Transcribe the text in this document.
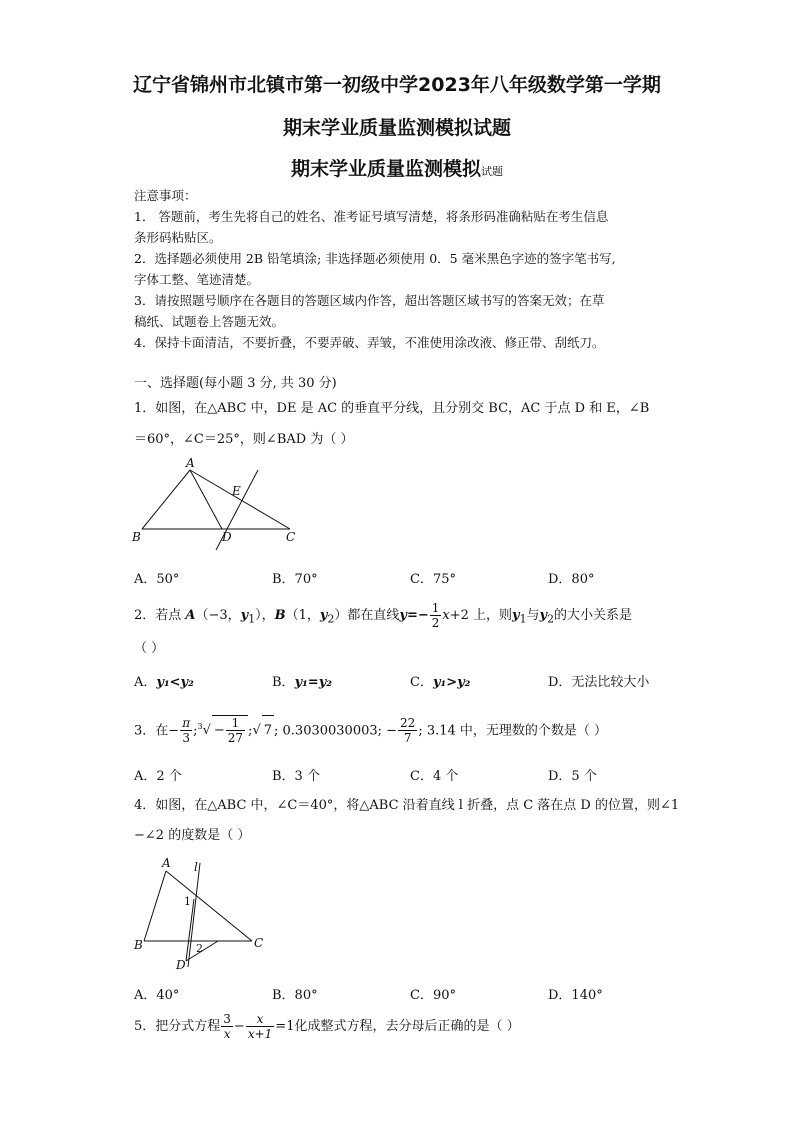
辽宁省锦州市北镇市第一初级中学2023年八年级数学第一学期
期末学业质量监测模拟试题
期末学业质量监测模拟试题
注意事项：
1． 答题前，考生先将自己的姓名、准考证号填写清楚，将条形码准确粘贴在考生信息
条形码粘贴区。
2．选择题必须使用 2B 铅笔填涂; 非选择题必须使用 0．5 毫米黑色字迹的签字笔书写,
字体工整、笔迹清楚。
3．请按照题号顺序在各题目的答题区域内作答，超出答题区域书写的答案无效；在草
稿纸、试题卷上答题无效。
4．保持卡面清洁，不要折叠，不要弄破、弄皱，不准使用涂改液、修正带、刮纸刀。
一、选择题(每小题 3 分, 共 30 分)
1．如图，在△ABC 中，DE 是 AC 的垂直平分线，且分别交 BC，AC 于点 D 和 E，∠B
＝60°，∠C＝25°，则∠BAD 为（ ）
A
B	C
D
E
A．50°	B．70°	C．75°	D．80°
2．若点 A（−3，$y_1$），B（1，$y_2$）都在直线$y=- \frac{1}{2} x+2$ 上，则$y_1$与$y_2$的大小关系是
（ ）
A．y₁<y₂	B．y₁=y₂	C．y₁>y₂	D．无法比较大小
3．在− $\frac{\pi}{3}$ ;$^3$√ − $\frac{1}{27}$ ;√ 7 ; 0.3030030003; − $\frac{22}{7}$ ; 3.14 中，无理数的个数是（ ）
A．2 个	B．3 个	C．4 个	D．5 个
4．如图，在△ABC 中，∠C＝40°，将△ABC 沿着直线 l 折叠，点 C 落在点 D 的位置，则∠1
−∠2 的度数是（ ）
A l
1
2
B	C
D
A．40°	B．80°	C．90°	D．140°
5．把分式方程 $\frac{3}{x} - \frac{x}{x+1} =1$化成整式方程，去分母后正确的是（ ）
